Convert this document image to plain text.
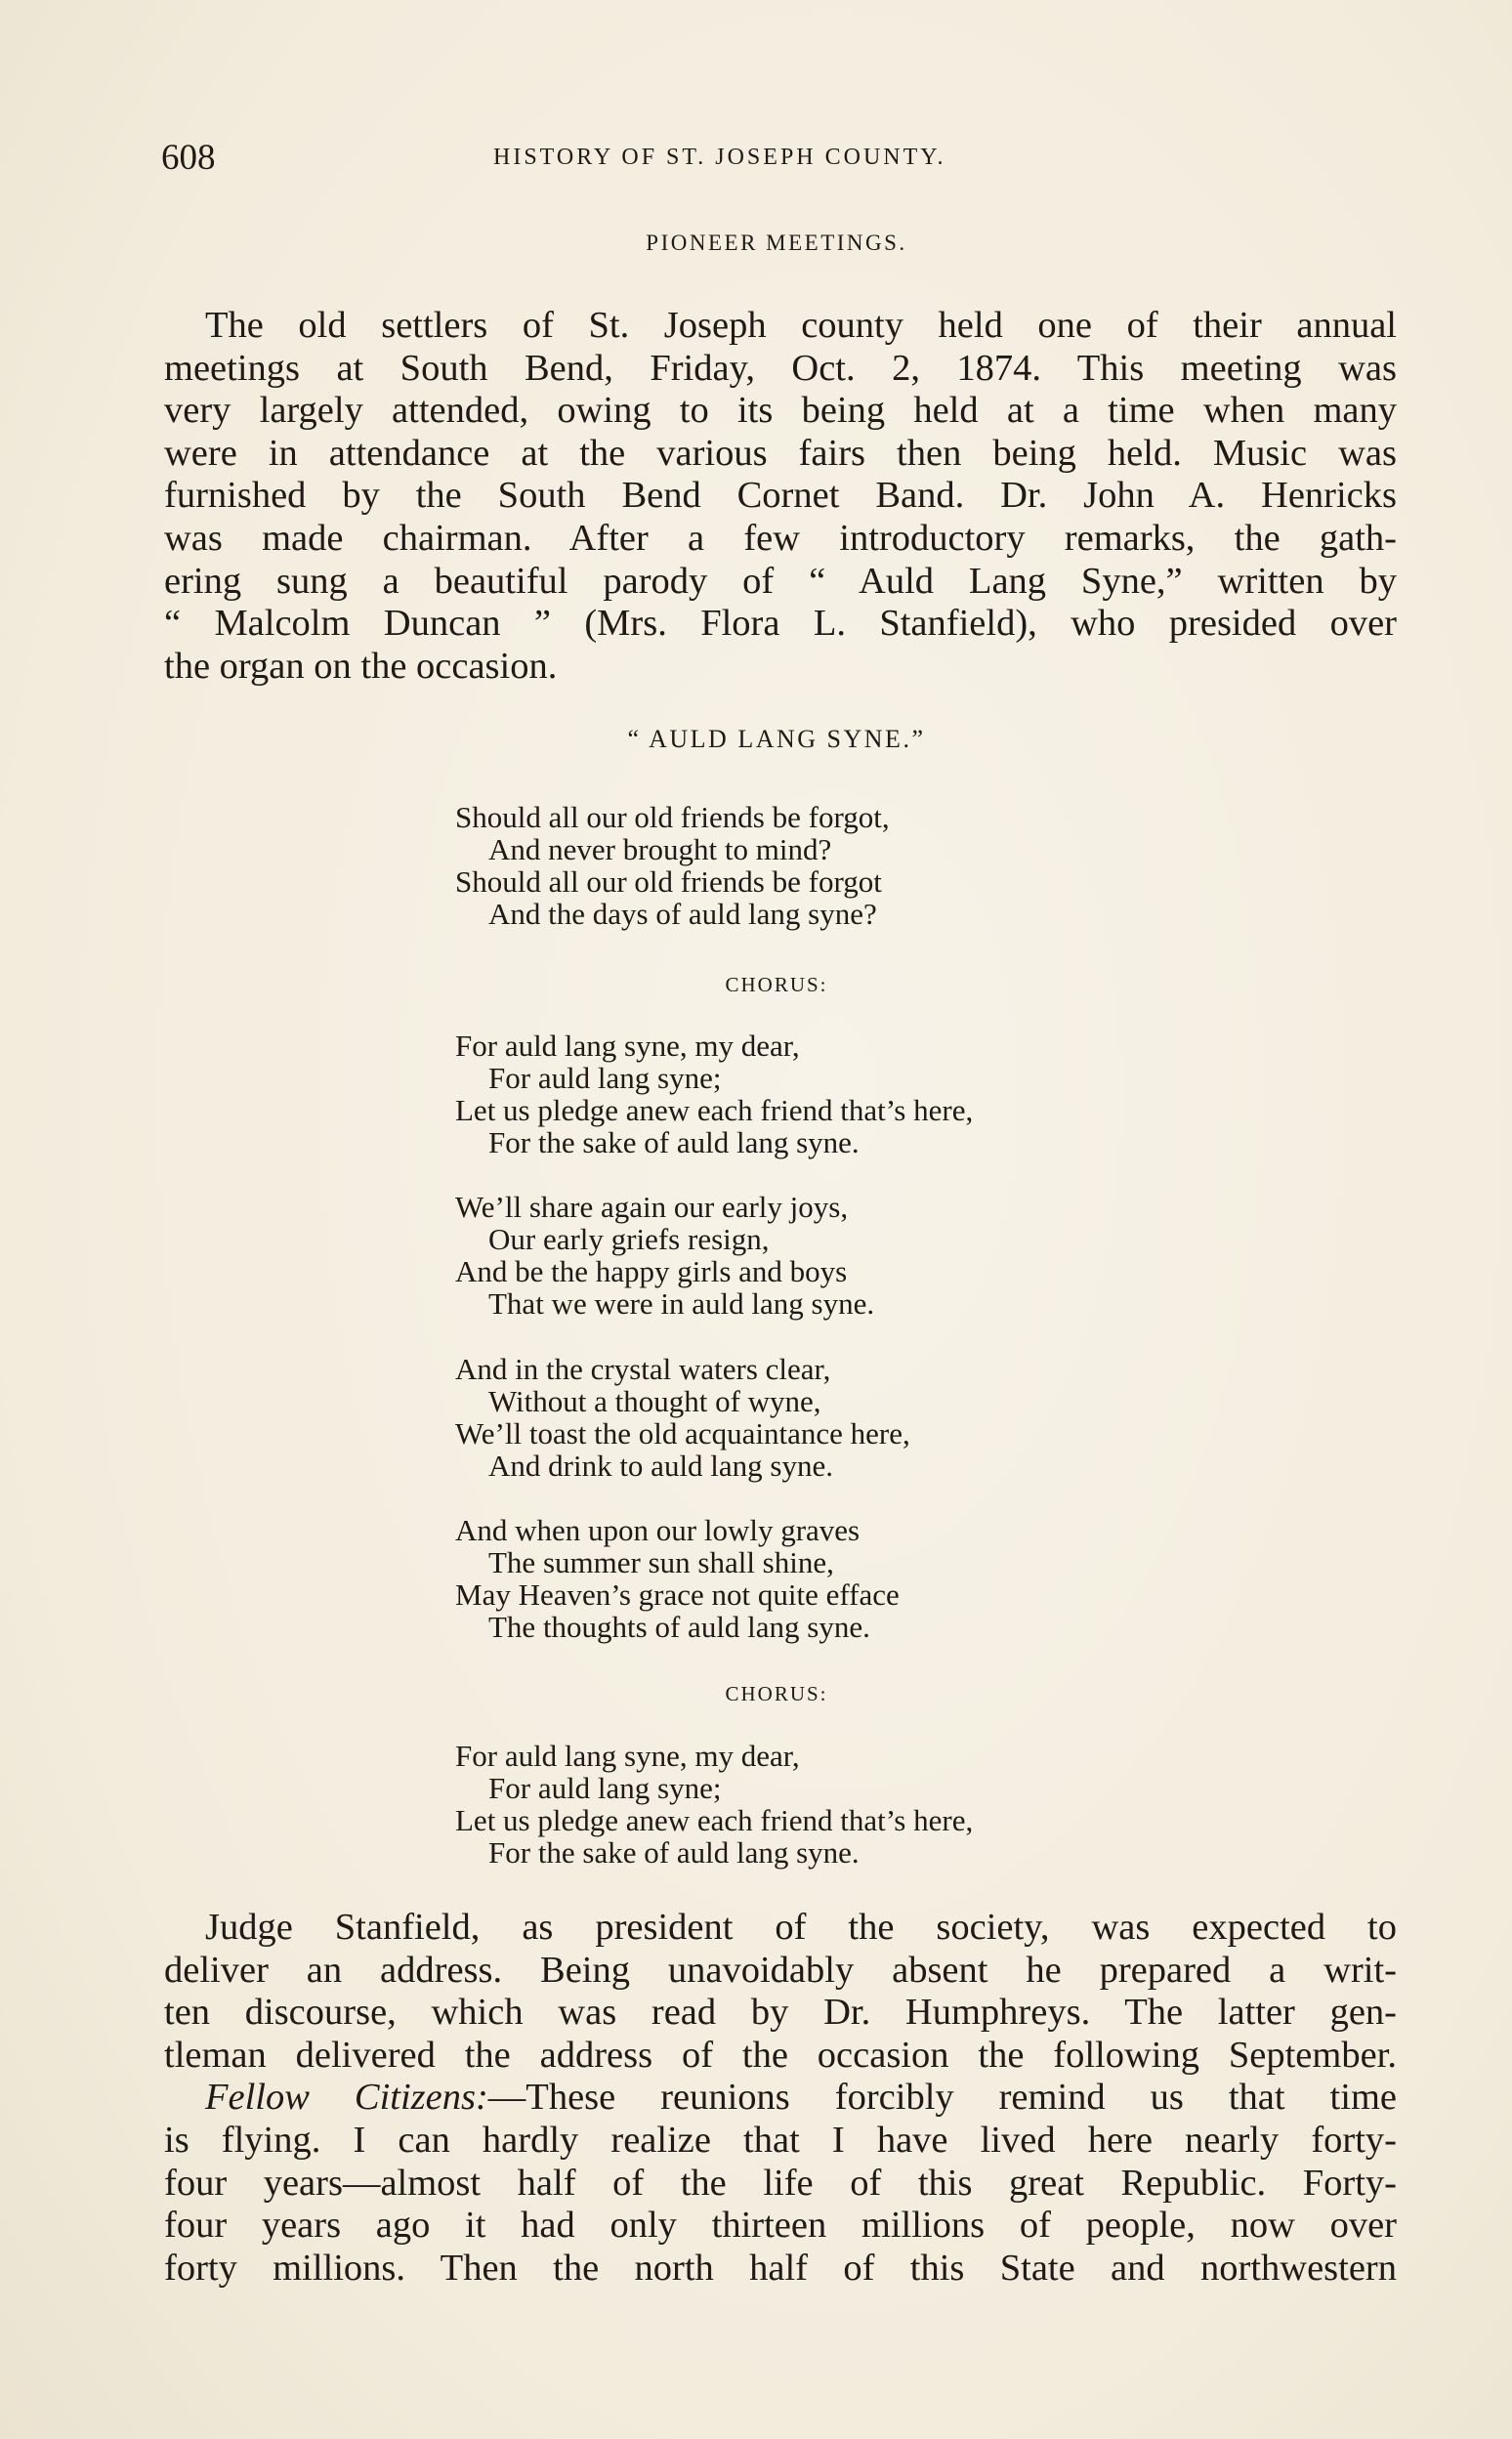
608	HISTORY OF ST. JOSEPH COUNTY.
PIONEER MEETINGS.
The old settlers of St. Joseph county held one of their annual
meetings at South Bend, Friday, Oct. 2, 1874. This meeting was
very largely attended, owing to its being held at a time when many
were in attendance at the various fairs then being held. Music was
furnished by the South Bend Cornet Band. Dr. John A. Henricks
was made chairman. After a few introductory remarks, the gath-
ering sung a beautiful parody of “ Auld Lang Syne,” written by
“ Malcolm Duncan ” (Mrs. Flora L. Stanfield), who presided over
the organ on the occasion.
“ AULD LANG SYNE.”
Should all our old friends be forgot,
And never brought to mind?
Should all our old friends be forgot
And the days of auld lang syne?
CHORUS:
For auld lang syne, my dear,
For auld lang syne;
Let us pledge anew each friend that’s here,
For the sake of auld lang syne.
We’ll share again our early joys,
Our early griefs resign,
And be the happy girls and boys
That we were in auld lang syne.
And in the crystal waters clear,
Without a thought of wyne,
We’ll toast the old acquaintance here,
And drink to auld lang syne.
And when upon our lowly graves
The summer sun shall shine,
May Heaven’s grace not quite efface
The thoughts of auld lang syne.
CHORUS:
For auld lang syne, my dear,
For auld lang syne;
Let us pledge anew each friend that’s here,
For the sake of auld lang syne.
Judge Stanfield, as president of the society, was expected to
deliver an address. Being unavoidably absent he prepared a writ-
ten discourse, which was read by Dr. Humphreys. The latter gen-
tleman delivered the address of the occasion the following September.
Fellow Citizens:—These reunions forcibly remind us that time
is flying. I can hardly realize that I have lived here nearly forty-
four years—almost half of the life of this great Republic. Forty-
four years ago it had only thirteen millions of people, now over
forty millions. Then the north half of this State and northwestern
